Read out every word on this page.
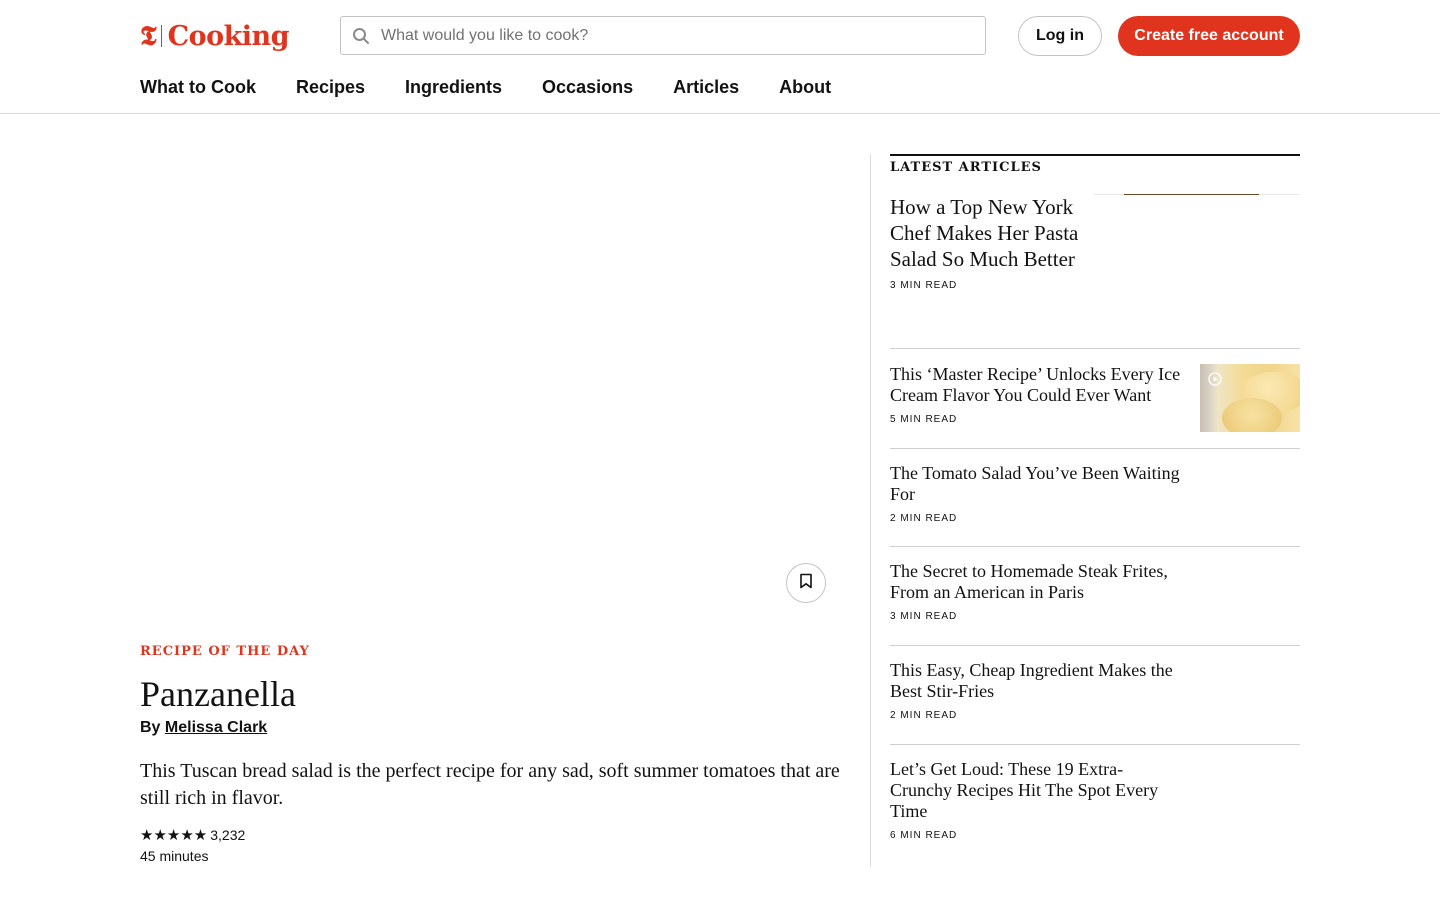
𝕿 Cooking
What would you like to cook?	Log in	Create free account
What to Cook Recipes Ingredients Occasions Articles About
RECIPE OF THE DAY
Panzanella
By Melissa Clark
This Tuscan bread salad is the perfect recipe for any sad, soft summer tomatoes that are still rich in flavor.
★★★★★ 3,232
45 minutes
LATEST ARTICLES
How a Top New York Chef Makes Her Pasta Salad So Much Better
3 MIN READ
This ‘Master Recipe’ Unlocks Every Ice Cream Flavor You Could Ever Want
5 MIN READ
The Tomato Salad You’ve Been Waiting For
2 MIN READ
The Secret to Homemade Steak Frites, From an American in Paris
3 MIN READ
This Easy, Cheap Ingredient Makes the Best Stir-Fries
2 MIN READ
Let’s Get Loud: These 19 Extra-Crunchy Recipes Hit The Spot Every Time
6 MIN READ
